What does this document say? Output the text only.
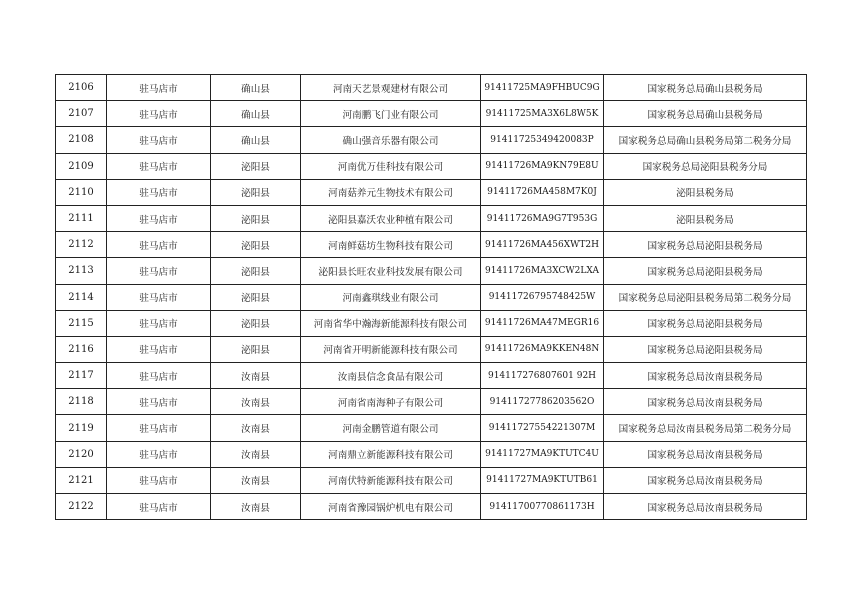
2106	驻马店市	确山县	河南天艺景观建材有限公司	91411725MA9FHBUC9G	国家税务总局确山县税务局
2107	驻马店市	确山县	河南鹏飞门业有限公司	91411725MA3X6L8W5K	国家税务总局确山县税务局
2108	驻马店市	确山县	确山强音乐器有限公司	91411725349420083P	国家税务总局确山县税务局第二税务分局
2109	驻马店市	泌阳县	河南优万佳科技有限公司	91411726MA9KN79E8U	国家税务总局泌阳县税务分局
2110	驻马店市	泌阳县	河南菇养元生物技术有限公司	91411726MA458M7K0J	泌阳县税务局
2111	驻马店市	泌阳县	泌阳县嘉沃农业种植有限公司	91411726MA9G7T953G	泌阳县税务局
2112	驻马店市	泌阳县	河南鲜菇坊生物科技有限公司	91411726MA456XWT2H	国家税务总局泌阳县税务局
2113	驻马店市	泌阳县	泌阳县长旺农业科技发展有限公司	91411726MA3XCW2LXA	国家税务总局泌阳县税务局
2114	驻马店市	泌阳县	河南鑫琪线业有限公司	91411726795748425W	国家税务总局泌阳县税务局第二税务分局
2115	驻马店市	泌阳县	河南省华中瀚海新能源科技有限公司	91411726MA47MEGR16	国家税务总局泌阳县税务局
2116	驻马店市	泌阳县	河南省开明新能源科技有限公司	91411726MA9KKEN48N	国家税务总局泌阳县税务局
2117	驻马店市	汝南县	汝南县信念食品有限公司	914117276807601 92H	国家税务总局汝南县税务局
2118	驻马店市	汝南县	河南省南海种子有限公司	91411727786203562O	国家税务总局汝南县税务局
2119	驻马店市	汝南县	河南金鹏管道有限公司	91411727554221307M	国家税务总局汝南县税务局第二税务分局
2120	驻马店市	汝南县	河南鼎立新能源科技有限公司	91411727MA9KTUTC4U	国家税务总局汝南县税务局
2121	驻马店市	汝南县	河南伏特新能源科技有限公司	91411727MA9KTUTB61	国家税务总局汝南县税务局
2122	驻马店市	汝南县	河南省豫园锅炉机电有限公司	91411700770861173H	国家税务总局汝南县税务局
